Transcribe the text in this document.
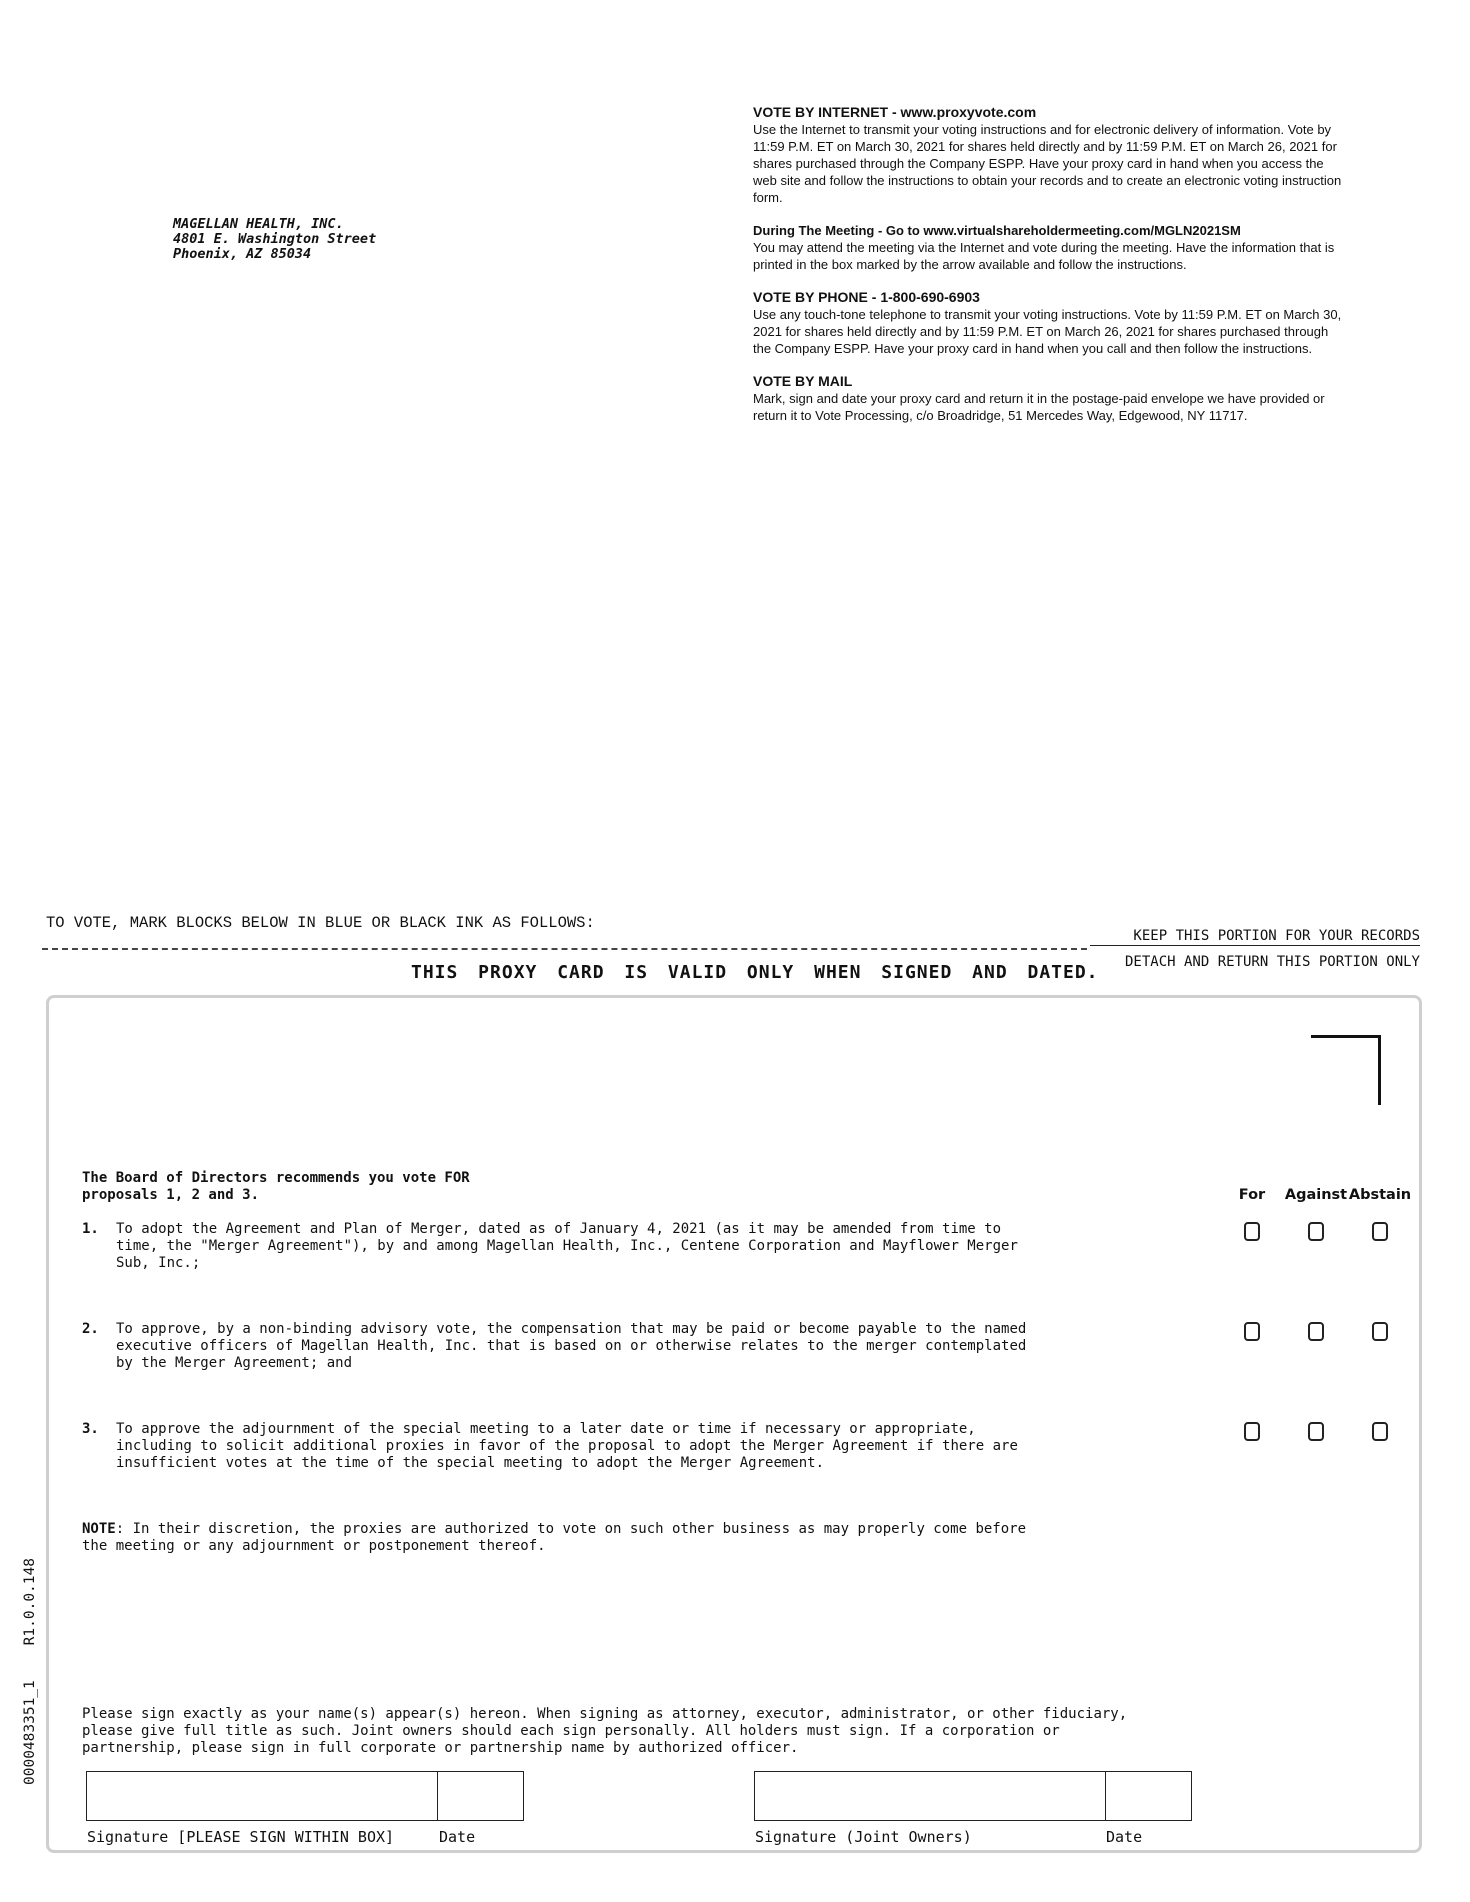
MAGELLAN HEALTH, INC.
4801 E. Washington Street
Phoenix, AZ 85034
VOTE BY INTERNET - www.proxyvote.com
Use the Internet to transmit your voting instructions and for electronic delivery of information. Vote by 11:59 P.M. ET on March 30, 2021 for shares held directly and by 11:59 P.M. ET on March 26, 2021 for shares purchased through the Company ESPP. Have your proxy card in hand when you access the web site and follow the instructions to obtain your records and to create an electronic voting instruction form.
During The Meeting - Go to www.virtualshareholdermeeting.com/MGLN2021SM
You may attend the meeting via the Internet and vote during the meeting. Have the information that is printed in the box marked by the arrow available and follow the instructions.
VOTE BY PHONE - 1-800-690-6903
Use any touch-tone telephone to transmit your voting instructions. Vote by 11:59 P.M. ET on March 30, 2021 for shares held directly and by 11:59 P.M. ET on March 26, 2021 for shares purchased through the Company ESPP. Have your proxy card in hand when you call and then follow the instructions.
VOTE BY MAIL
Mark, sign and date your proxy card and return it in the postage-paid envelope we have provided or return it to Vote Processing, c/o Broadridge, 51 Mercedes Way, Edgewood, NY 11717.
TO VOTE, MARK BLOCKS BELOW IN BLUE OR BLACK INK AS FOLLOWS:
KEEP THIS PORTION FOR YOUR RECORDS
DETACH AND RETURN THIS PORTION ONLY
THIS PROXY CARD IS VALID ONLY WHEN SIGNED AND DATED.
The Board of Directors recommends you vote FOR
proposals 1, 2 and 3.	For	Against Abstain
1. To adopt the Agreement and Plan of Merger, dated as of January 4, 2021 (as it may be amended from time to
time, the "Merger Agreement"), by and among Magellan Health, Inc., Centene Corporation and Mayflower Merger
Sub, Inc.;
2. To approve, by a non-binding advisory vote, the compensation that may be paid or become payable to the named
executive officers of Magellan Health, Inc. that is based on or otherwise relates to the merger contemplated
by the Merger Agreement; and
3. To approve the adjournment of the special meeting to a later date or time if necessary or appropriate,
including to solicit additional proxies in favor of the proposal to adopt the Merger Agreement if there are
insufficient votes at the time of the special meeting to adopt the Merger Agreement.
NOTE: In their discretion, the proxies are authorized to vote on such other business as may properly come before
the meeting or any adjournment or postponement thereof.
Please sign exactly as your name(s) appear(s) hereon. When signing as attorney, executor, administrator, or other fiduciary,
please give full title as such. Joint owners should each sign personally. All holders must sign. If a corporation or
partnership, please sign in full corporate or partnership name by authorized officer.
Signature [PLEASE SIGN WITHIN BOX]	Date	Signature (Joint Owners)	Date
0000483351_1    R1.0.0.148
